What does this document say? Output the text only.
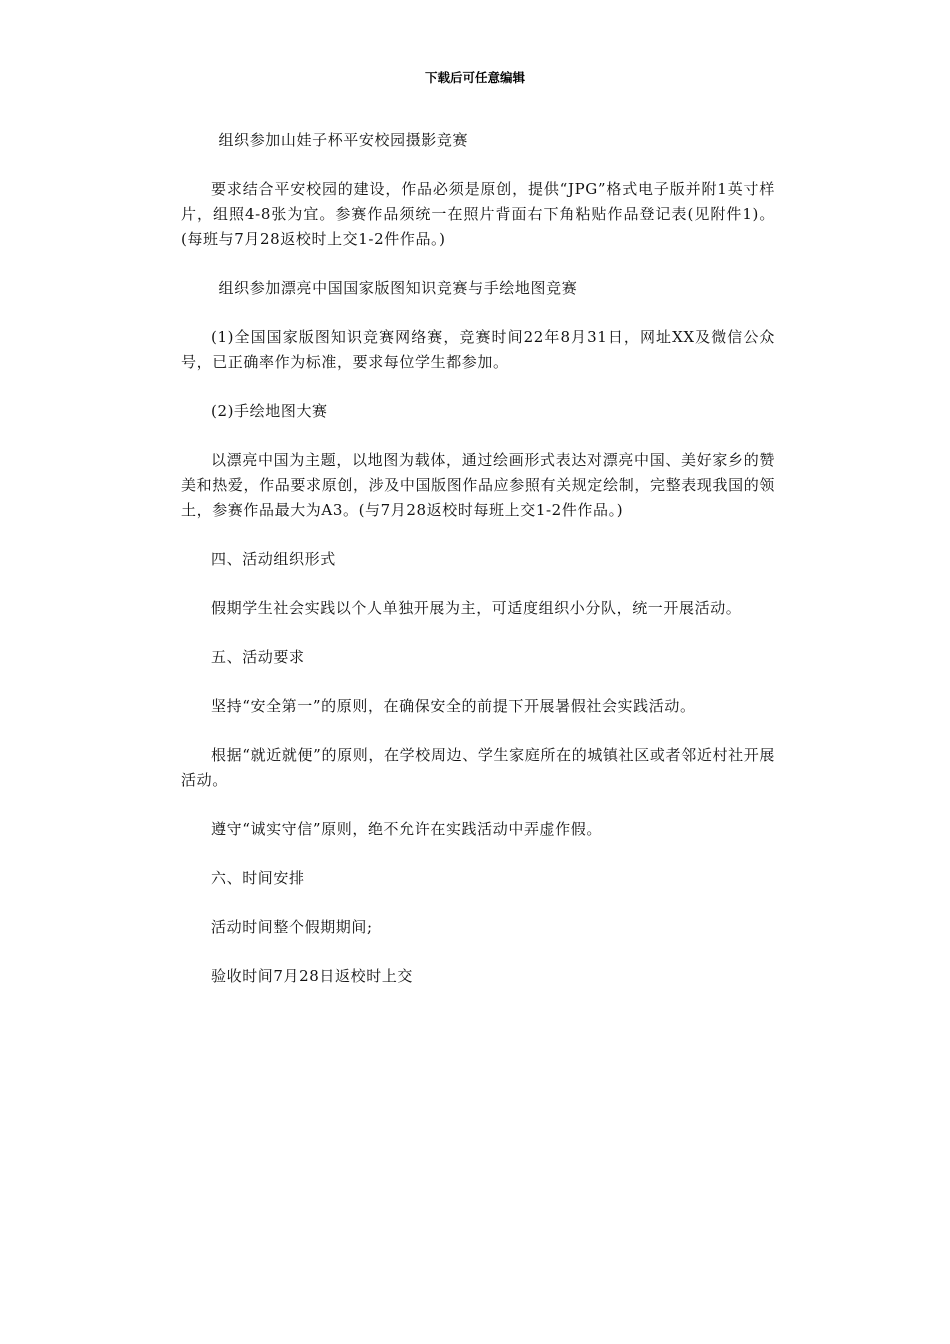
下载后可任意编辑

组织参加山娃子杯平安校园摄影竞赛

要求结合平安校园的建设，作品必须是原创，提供“JPG”格式电子版并附1英寸样片，组照4-8张为宜。参赛作品须统一在照片背面右下角粘贴作品登记表(见附件1)。(每班与7月28返校时上交1-2件作品。)

组织参加漂亮中国国家版图知识竞赛与手绘地图竞赛

(1)全国国家版图知识竞赛网络赛，竞赛时间22年8月31日，网址XX及微信公众号，已正确率作为标准，要求每位学生都参加。

(2)手绘地图大赛

以漂亮中国为主题，以地图为载体，通过绘画形式表达对漂亮中国、美好家乡的赞美和热爱，作品要求原创，涉及中国版图作品应参照有关规定绘制，完整表现我国的领土，参赛作品最大为A3。(与7月28返校时每班上交1-2件作品。)

四、活动组织形式

假期学生社会实践以个人单独开展为主，可适度组织小分队，统一开展活动。

五、活动要求

坚持“安全第一”的原则，在确保安全的前提下开展暑假社会实践活动。

根据“就近就便”的原则，在学校周边、学生家庭所在的城镇社区或者邻近村社开展活动。

遵守“诚实守信”原则，绝不允许在实践活动中弄虚作假。

六、时间安排

活动时间整个假期期间;

验收时间7月28日返校时上交
